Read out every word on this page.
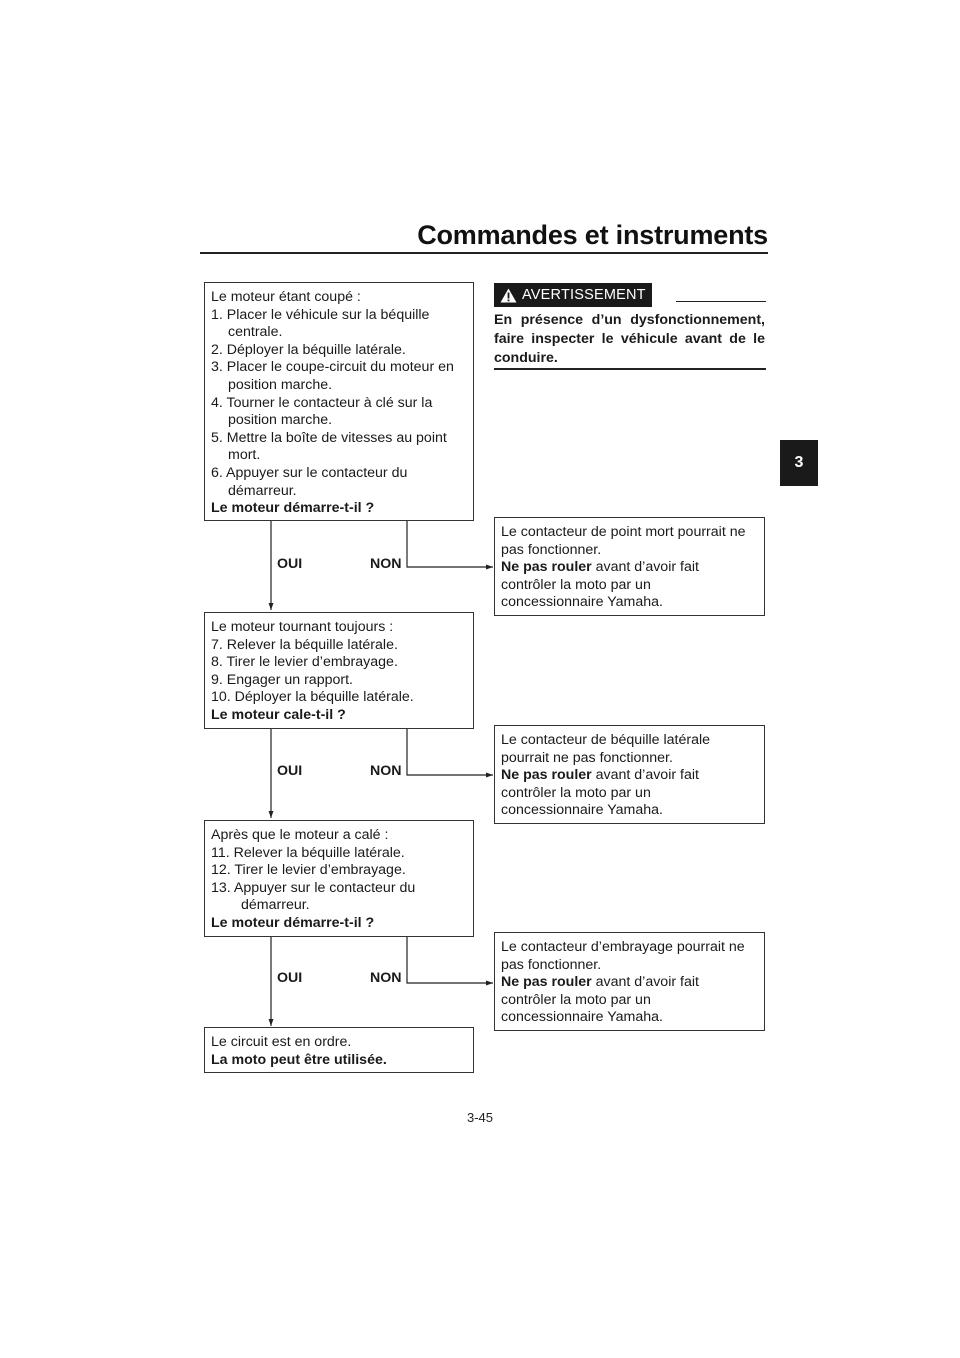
Commandes et instruments
3
AVERTISSEMENT
En présence d’un dysfonctionnement, faire inspecter le véhicule avant de le conduire.
Le moteur étant coupé :
1. Placer le véhicule sur la béquille
centrale.
2. Déployer la béquille latérale.
3. Placer le coupe-circuit du moteur en
position marche.
4. Tourner le contacteur à clé sur la
position marche.
5. Mettre la boîte de vitesses au point
mort.
6. Appuyer sur le contacteur du
démarreur.
Le moteur démarre-t-il ?
OUI	NON
Le contacteur de point mort pourrait ne
pas fonctionner.
Ne pas rouler avant d’avoir fait
contrôler la moto par un
concessionnaire Yamaha.
Le moteur tournant toujours :
7. Relever la béquille latérale.
8. Tirer le levier d’embrayage.
9. Engager un rapport.
10. Déployer la béquille latérale.
Le moteur cale-t-il ?
OUI	NON
Le contacteur de béquille latérale
pourrait ne pas fonctionner.
Ne pas rouler avant d’avoir fait
contrôler la moto par un
concessionnaire Yamaha.
Après que le moteur a calé :
11. Relever la béquille latérale.
12. Tirer le levier d’embrayage.
13. Appuyer sur le contacteur du
démarreur.
Le moteur démarre-t-il ?
OUI	NON
Le contacteur d’embrayage pourrait ne
pas fonctionner.
Ne pas rouler avant d’avoir fait
contrôler la moto par un
concessionnaire Yamaha.
Le circuit est en ordre.
La moto peut être utilisée.
3-45
